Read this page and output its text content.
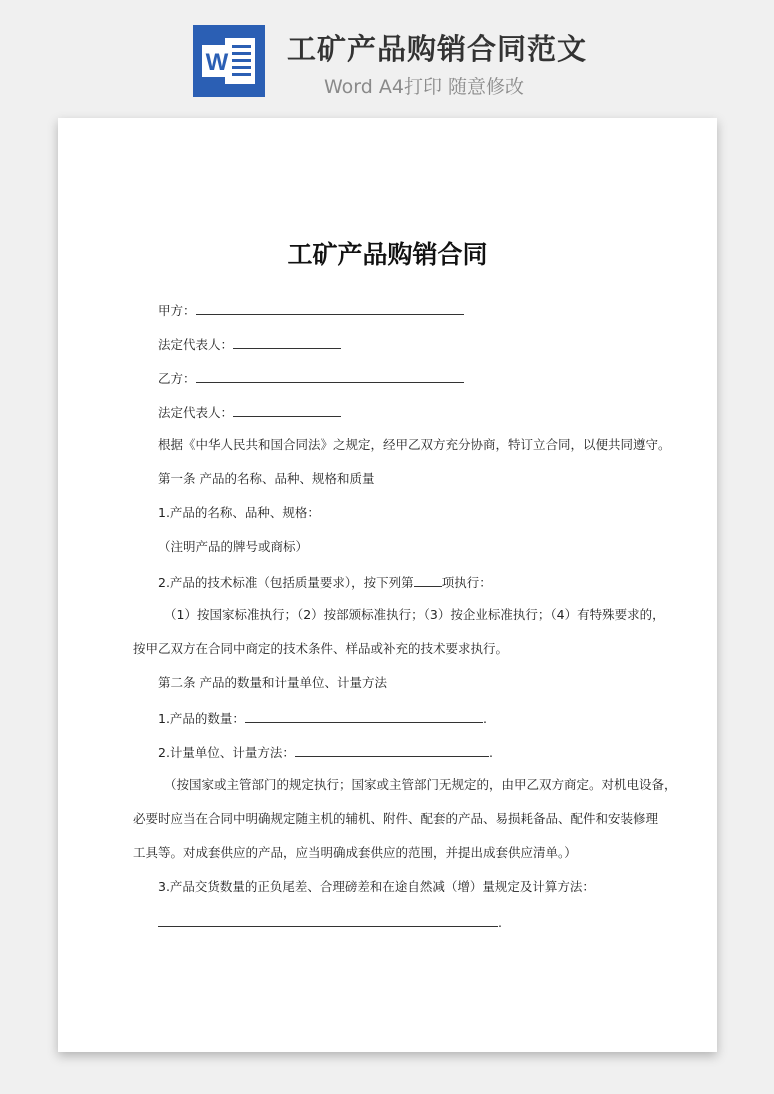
W 工矿产品购销合同范文
Word A4打印 随意修改
工矿产品购销合同
甲方：
法定代表人：
乙方：
法定代表人：
根据《中华人民共和国合同法》之规定，经甲乙双方充分协商，特订立合同，以便共同遵守。
第一条 产品的名称、品种、规格和质量
1.产品的名称、品种、规格：
（注明产品的牌号或商标）
2.产品的技术标准（包括质量要求），按下列第 项执行：
（1）按国家标准执行；（2）按部颁标准执行；（3）按企业标准执行；（4）有特殊要求的，
按甲乙双方在合同中商定的技术条件、样品或补充的技术要求执行。
第二条 产品的数量和计量单位、计量方法
1.产品的数量：	.
2.计量单位、计量方法：	.
（按国家或主管部门的规定执行；国家或主管部门无规定的，由甲乙双方商定。对机电设备，
必要时应当在合同中明确规定随主机的辅机、附件、配套的产品、易损耗备品、配件和安装修理
工具等。对成套供应的产品，应当明确成套供应的范围，并提出成套供应清单。）
3.产品交货数量的正负尾差、合理磅差和在途自然减（增）量规定及计算方法：
.
